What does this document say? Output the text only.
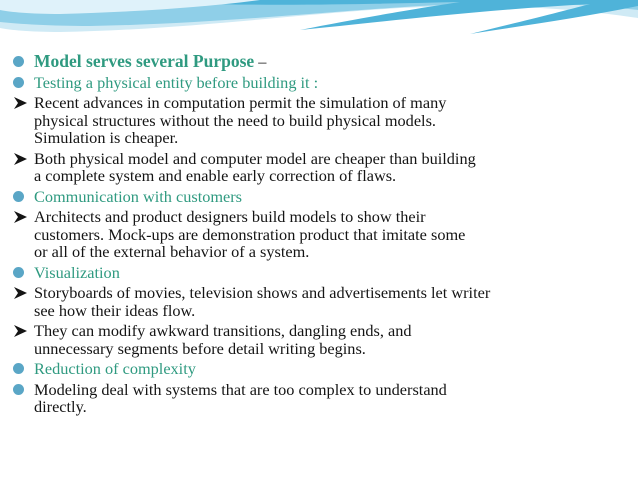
Model serves several Purpose –
Testing a physical entity before building it :
Recent advances in computation permit the simulation of many
physical structures without the need to build physical models.
Simulation is cheaper.
Both physical model and computer model are cheaper than building
a complete system and enable early correction of flaws.
Communication with customers
Architects and product designers build models to show their
customers. Mock-ups are demonstration product that imitate some
or all of the external behavior of a system.
Visualization
Storyboards of movies, television shows and advertisements let writer
see how their ideas flow.
They can modify awkward transitions, dangling ends, and
unnecessary segments before detail writing begins.
Reduction of complexity
Modeling deal with systems that are too complex to understand
directly.
